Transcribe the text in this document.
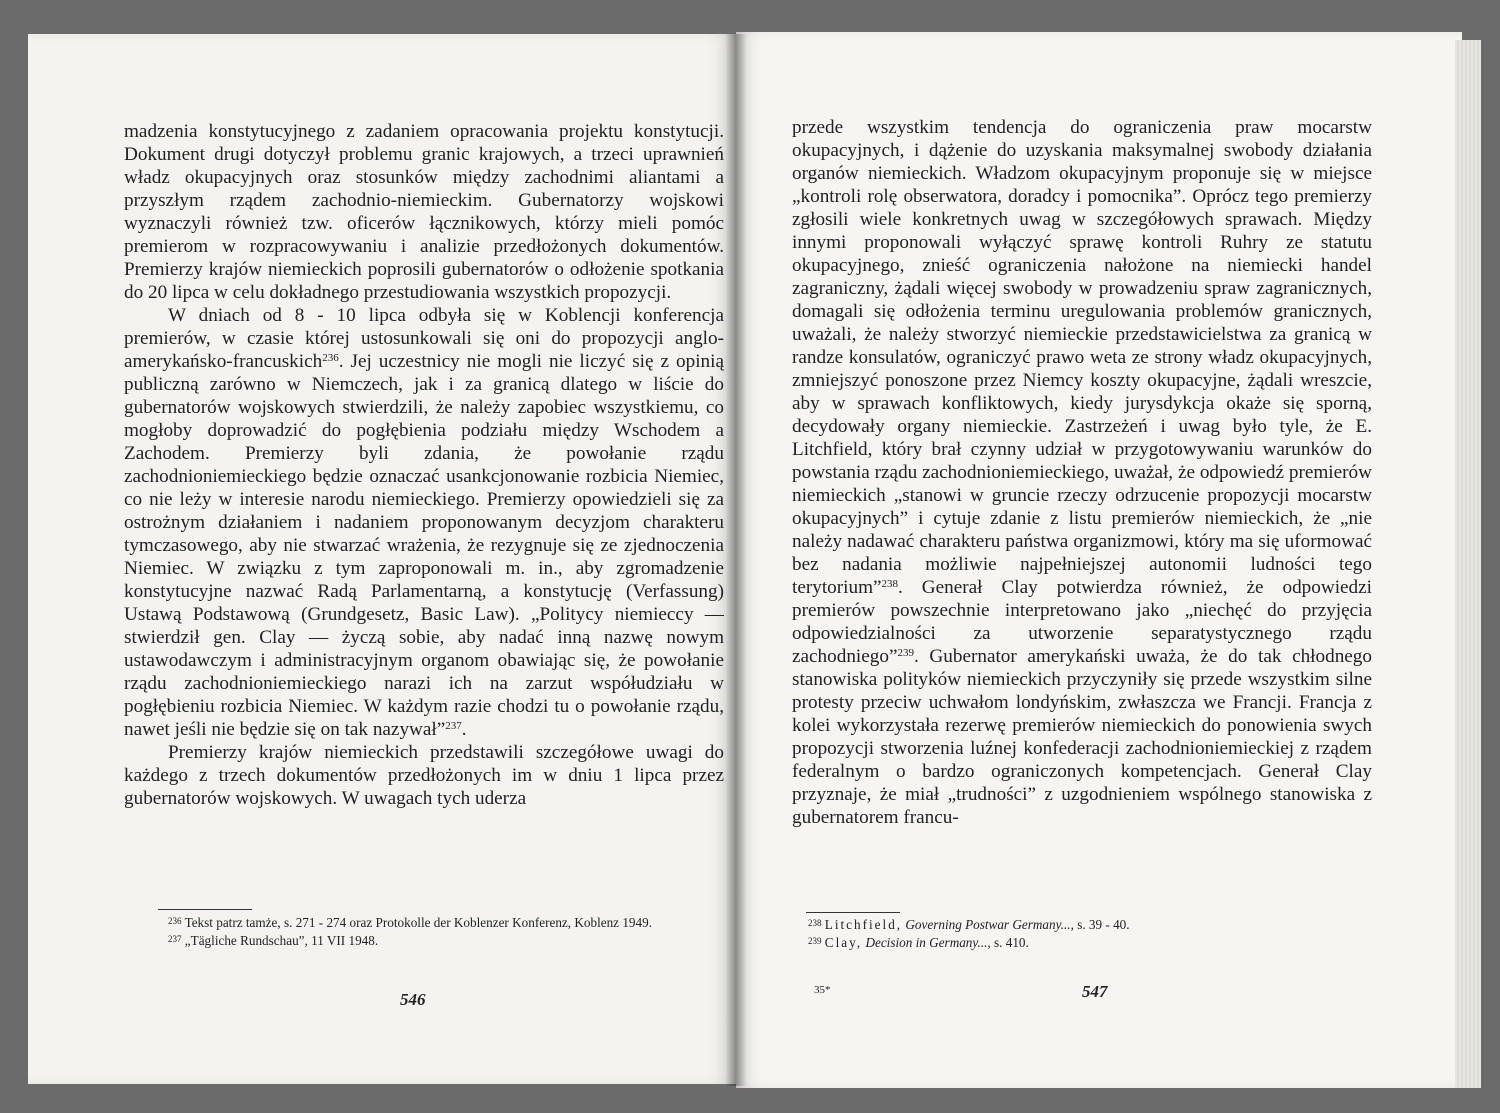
madzenia konstytucyjnego z zadaniem opracowania projektu konstytucji. Dokument drugi dotyczył problemu granic krajowych, a trzeci uprawnień władz okupacyjnych oraz stosunków między zachodnimi aliantami a przyszłym rządem zachodnio-niemieckim. Gubernatorzy wojskowi wyznaczyli również tzw. oficerów łącznikowych, którzy mieli pomóc premierom w rozpracowywaniu i analizie przedłożonych dokumentów. Premierzy krajów niemieckich poprosili gubernatorów o odłożenie spotkania do 20 lipca w celu dokładnego przestudiowania wszystkich propozycji.

W dniach od 8 - 10 lipca odbyła się w Koblencji konferencja premierów, w czasie której ustosunkowali się oni do propozycji anglo-amerykańsko-francuskich$^{236}$. Jej uczestnicy nie mogli nie liczyć się z opinią publiczną zarówno w Niemczech, jak i za granicą dlatego w liście do gubernatorów wojskowych stwierdzili, że należy zapobiec wszystkiemu, co mogłoby doprowadzić do pogłębienia podziału między Wschodem a Zachodem. Premierzy byli zdania, że powołanie rządu zachodnioniemieckiego będzie oznaczać usankcjonowanie rozbicia Niemiec, co nie leży w interesie narodu niemieckiego. Premierzy opowiedzieli się za ostrożnym działaniem i nadaniem proponowanym decyzjom charakteru tymczasowego, aby nie stwarzać wrażenia, że rezygnuje się ze zjednoczenia Niemiec. W związku z tym zaproponowali m. in., aby zgromadzenie konstytucyjne nazwać Radą Parlamentarną, a konstytucję (Verfassung) Ustawą Podstawową (Grundgesetz, Basic Law). „Politycy niemieccy — stwierdził gen. Clay — życzą sobie, aby nadać inną nazwę nowym ustawodawczym i administracyjnym organom obawiając się, że powołanie rządu zachodnioniemieckiego narazi ich na zarzut współudziału w pogłębieniu rozbicia Niemiec. W każdym razie chodzi tu o powołanie rządu, nawet jeśli nie będzie się on tak nazywał”$^{237}$.

Premierzy krajów niemieckich przedstawili szczegółowe uwagi do każdego z trzech dokumentów przedłożonych im w dniu 1 lipca przez gubernatorów wojskowych. W uwagach tych uderza

$^{236}$ Tekst patrz tamże, s. 271 - 274 oraz Protokolle der Koblenzer Konferenz, Koblenz 1949.

$^{237}$ „Tägliche Rundschau”, 11 VII 1948.

546

przede wszystkim tendencja do ograniczenia praw mocarstw okupacyjnych, i dążenie do uzyskania maksymalnej swobody działania organów niemieckich. Władzom okupacyjnym proponuje się w miejsce „kontroli rolę obserwatora, doradcy i pomocnika”. Oprócz tego premierzy zgłosili wiele konkretnych uwag w szczegółowych sprawach. Między innymi proponowali wyłączyć sprawę kontroli Ruhry ze statutu okupacyjnego, znieść ograniczenia nałożone na niemiecki handel zagraniczny, żądali więcej swobody w prowadzeniu spraw zagranicznych, domagali się odłożenia terminu uregulowania problemów granicznych, uważali, że należy stworzyć niemieckie przedstawicielstwa za granicą w randze konsulatów, ograniczyć prawo weta ze strony władz okupacyjnych, zmniejszyć ponoszone przez Niemcy koszty okupacyjne, żądali wreszcie, aby w sprawach konfliktowych, kiedy jurysdykcja okaże się sporną, decydowały organy niemieckie. Zastrzeżeń i uwag było tyle, że E. Litchfield, który brał czynny udział w przygotowywaniu warunków do powstania rządu zachodnioniemieckiego, uważał, że odpowiedź premierów niemieckich „stanowi w gruncie rzeczy odrzucenie propozycji mocarstw okupacyjnych” i cytuje zdanie z listu premierów niemieckich, że „nie należy nadawać charakteru państwa organizmowi, który ma się uformować bez nadania możliwie najpełniejszej autonomii ludności tego terytorium”$^{238}$. Generał Clay potwierdza również, że odpowiedzi premierów powszechnie interpretowano jako „niechęć do przyjęcia odpowiedzialności za utworzenie separatystycznego rządu zachodniego”$^{239}$. Gubernator amerykański uważa, że do tak chłodnego stanowiska polityków niemieckich przyczyniły się przede wszystkim silne protesty przeciw uchwałom londyńskim, zwłaszcza we Francji. Francja z kolei wykorzystała rezerwę premierów niemieckich do ponowienia swych propozycji stworzenia luźnej konfederacji zachodnioniemieckiej z rządem federalnym o bardzo ograniczonych kompetencjach. Generał Clay przyznaje, że miał „trudności” z uzgodnieniem wspólnego stanowiska z gubernatorem francu-

$^{238}$ Litchfield, Governing Postwar Germany..., s. 39 - 40.

$^{239}$ Clay, Decision in Germany..., s. 410.

35*	547
